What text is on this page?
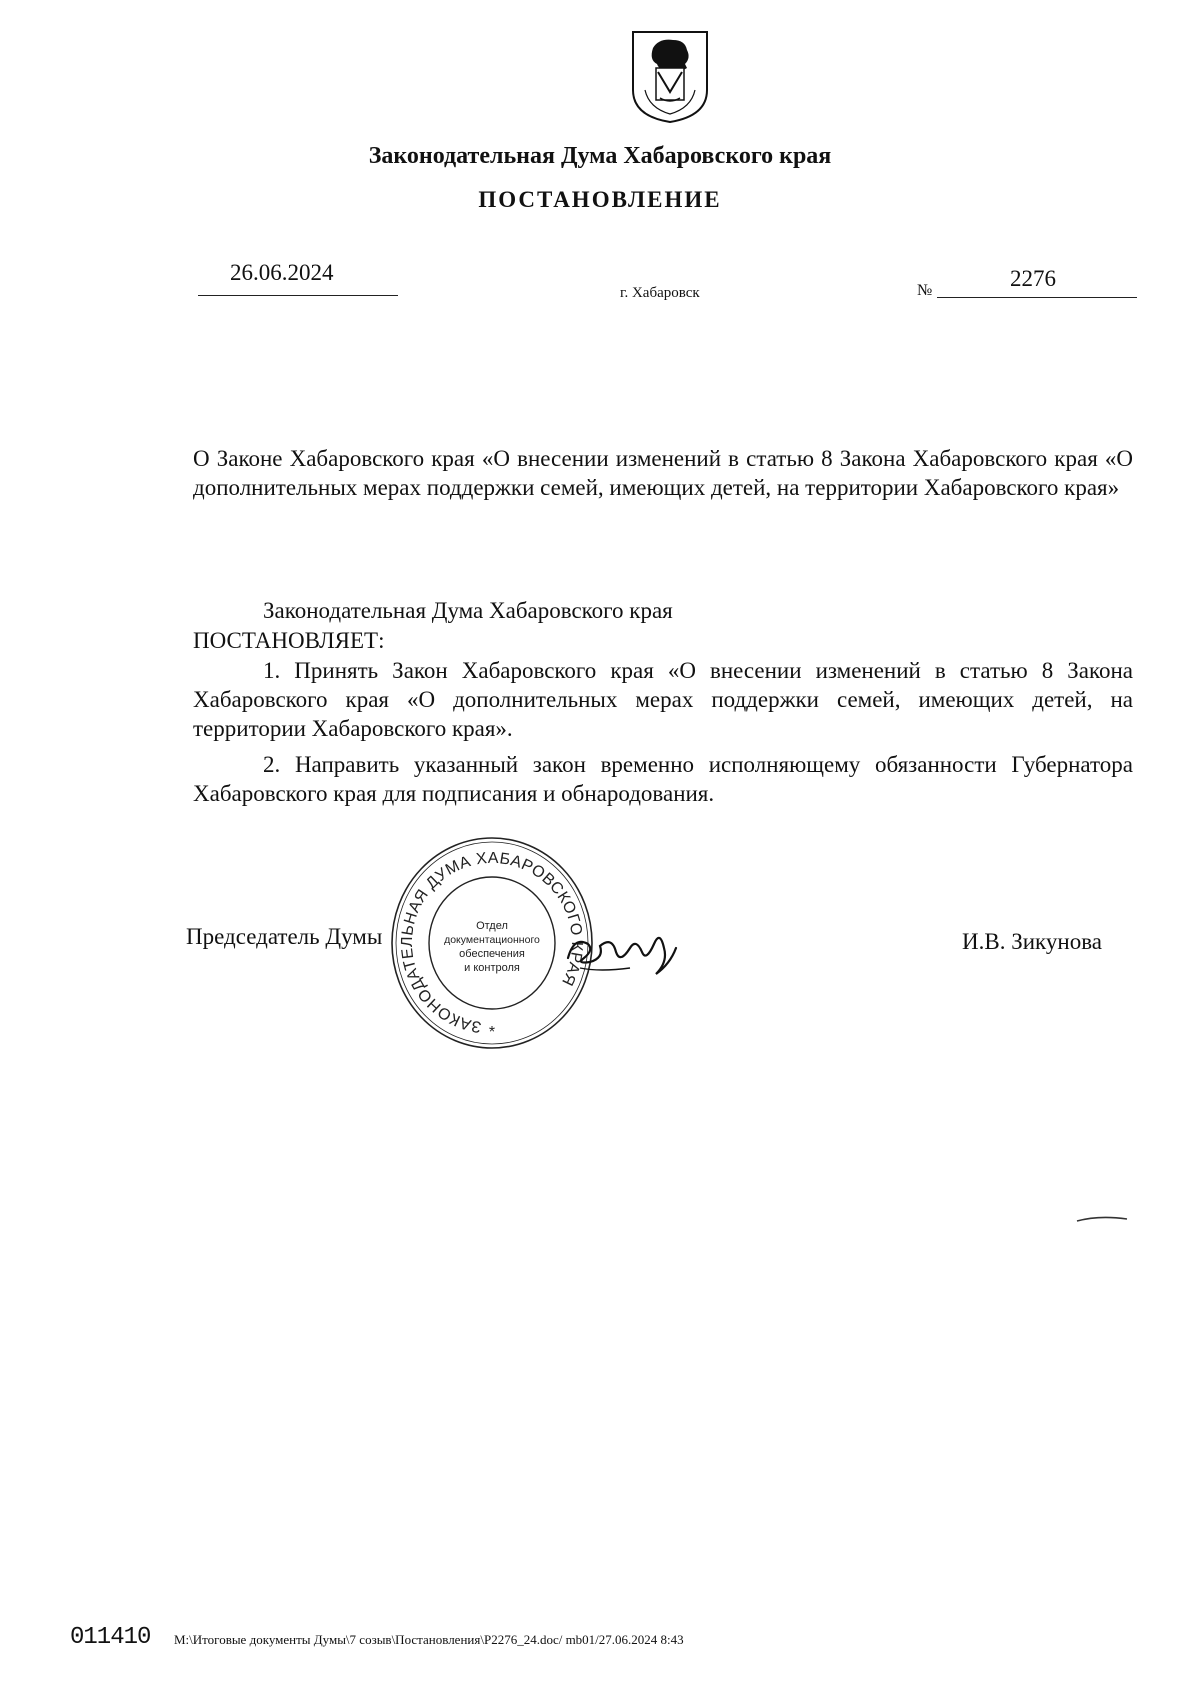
Законодательная Дума Хабаровского края
ПОСТАНОВЛЕНИЕ
26.06.2024
г. Хабаровск	№	2276
О Законе Хабаровского края «О внесении изменений в статью 8 Закона Хабаровского края «О дополнительных мерах поддержки семей, имеющих детей, на территории Хабаровского края»
Законодательная Дума Хабаровского края
ПОСТАНОВЛЯЕТ:
1. Принять Закон Хабаровского края «О внесении изменений в статью 8 Закона Хабаровского края «О дополнительных мерах поддержки семей, имеющих детей, на территории Хабаровского края».
2. Направить указанный закон временно исполняющему обязанности Губернатора Хабаровского края для подписания и обнародования.
Председатель Думы	И.В. Зикунова
ЗАКОНОДАТЕЛЬНАЯ ДУМА ХАБАРОВСКОГО КРАЯ
Отдел
документационного
обеспечения
и контроля
*
011410 M:\Итоговые документы Думы\7 созыв\Постановления\P2276_24.doc/ mb01/27.06.2024 8:43
